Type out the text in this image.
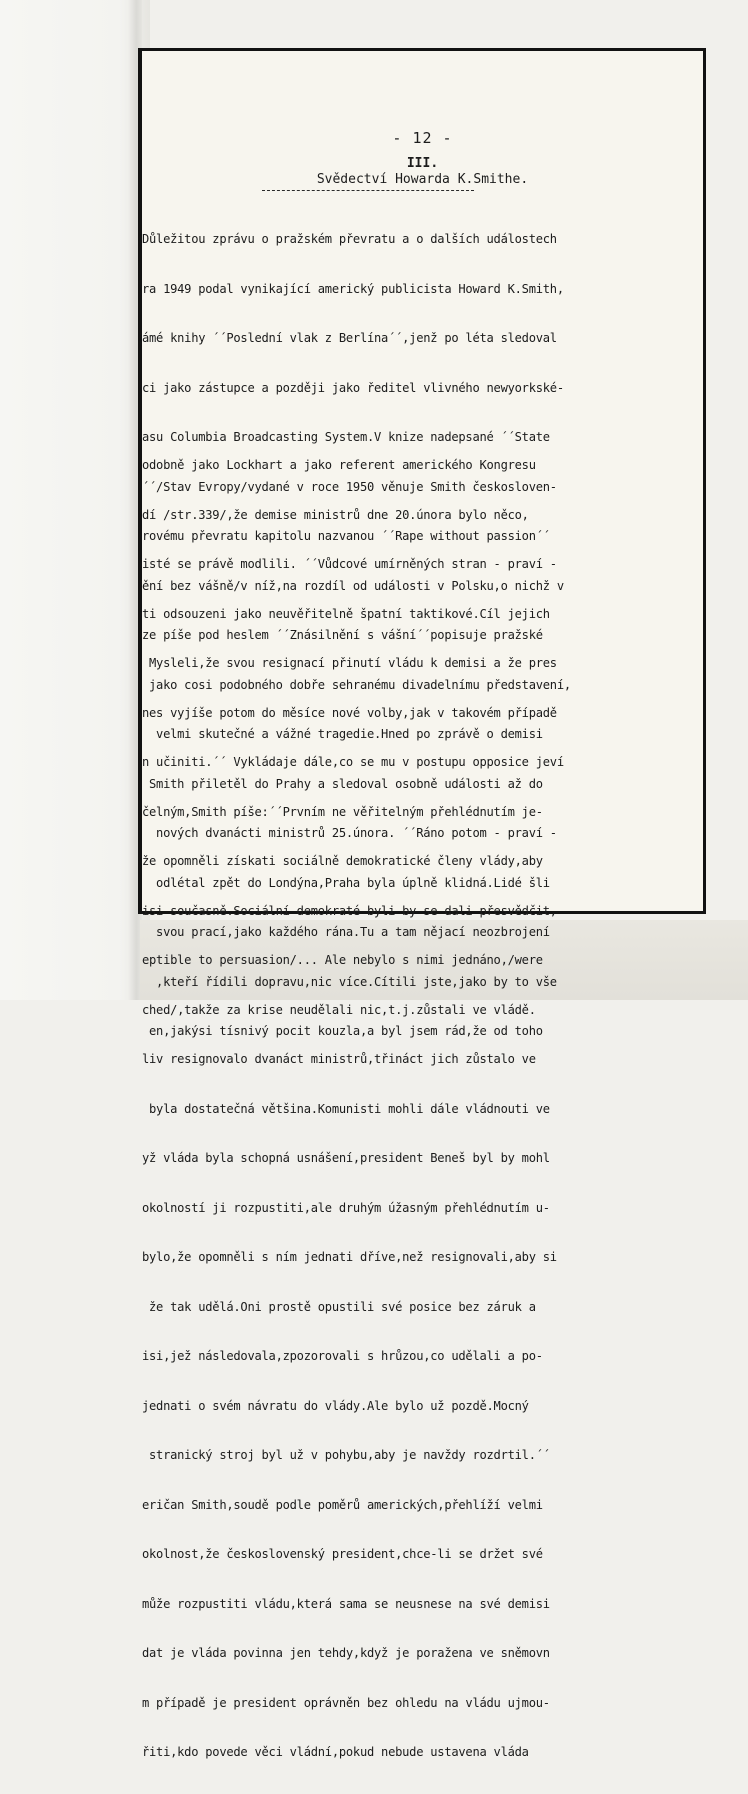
- 12 -
III.
Svědectví Howarda K.Smithe.

Důležitou zprávu o pražském převratu a o dalších událostech

ra 1949 podal vynikající americký publicista Howard K.Smith,

ámé knihy ´´Poslední vlak z Berlína´´,jenž po léta sledoval

ci jako zástupce a později jako ředitel vlivného newyorkské-

asu Columbia Broadcasting System.V knize nadepsané ´´State

´´/Stav Evropy/vydané v roce 1950 věnuje Smith českosloven-

rovému převratu kapitolu nazvanou ´´Rape without passion´´

ění bez vášně/v níž,na rozdíl od události v Polsku,o nichž v

ze píše pod heslem ´´Znásilnění s vášní´´popisuje pražské

jako cosi podobného dobře sehranému divadelnímu představení,

velmi skutečné a vážné tragedie.Hned po zprávě o demisi

Smith přiletěl do Prahy a sledoval osobně události až do

nových dvanácti ministrů 25.února. ´´Ráno potom - praví -

odlétal zpět do Londýna,Praha byla úplně klidná.Lidé šli

svou prací,jako každého rána.Tu a tam nějací neozbrojení

,kteří řídili dopravu,nic více.Cítili jste,jako by to vše

en,jakýsi tísnivý pocit kouzla,a byl jsem rád,že od toho

odobně jako Lockhart a jako referent amerického Kongresu

dí /str.339/,že demise ministrů dne 20.února bylo něco,

isté se právě modlili. ´´Vůdcové umírněných stran - praví -

ti odsouzeni jako neuvěřitelně špatní taktikové.Cíl jejich

Mysleli,že svou resignací přinutí vládu k demisi a že pres

nes vyjíše potom do měsíce nové volby,jak v takovém případě

n učiniti.´´ Vykládaje dále,co se mu v postupu opposice jeví

čelným,Smith píše:´´Prvním ne věřitelným přehlédnutím je-

že opomněli získati sociálně demokratické členy vlády,aby

isi současně.Sociální demokraté byli by se dali přesvědčit,

eptible to persuasion/... Ale nebylo s nimi jednáno,/were

ched/,takže za krise neudělali nic,t.j.zůstali ve vládě.

liv resignovalo dvanáct ministrů,třináct jich zůstalo ve

byla dostatečná většina.Komunisti mohli dále vládnouti ve

yž vláda byla schopná usnášení,president Beneš byl by mohl

okolností ji rozpustiti,ale druhým úžasným přehlédnutím u-

bylo,že opomněli s ním jednati dříve,než resignovali,aby si

že tak udělá.Oni prostě opustili své posice bez záruk a

isi,jež následovala,zpozorovali s hrůzou,co udělali a po-

jednati o svém návratu do vlády.Ale bylo už pozdě.Mocný

stranický stroj byl už v pohybu,aby je navždy rozdrtil.´´

eričan Smith,soudě podle poměrů amerických,přehlíží velmi

okolnost,že československý president,chce-li se držet své

může rozpustiti vládu,která sama se neusnese na své demisi

dat je vláda povinna jen tehdy,když je poražena ve sněmovn

m případě je president oprávněn bez ohledu na vládu ujmou-

řiti,kdo povede věci vládní,pokud nebude ustavena vláda
